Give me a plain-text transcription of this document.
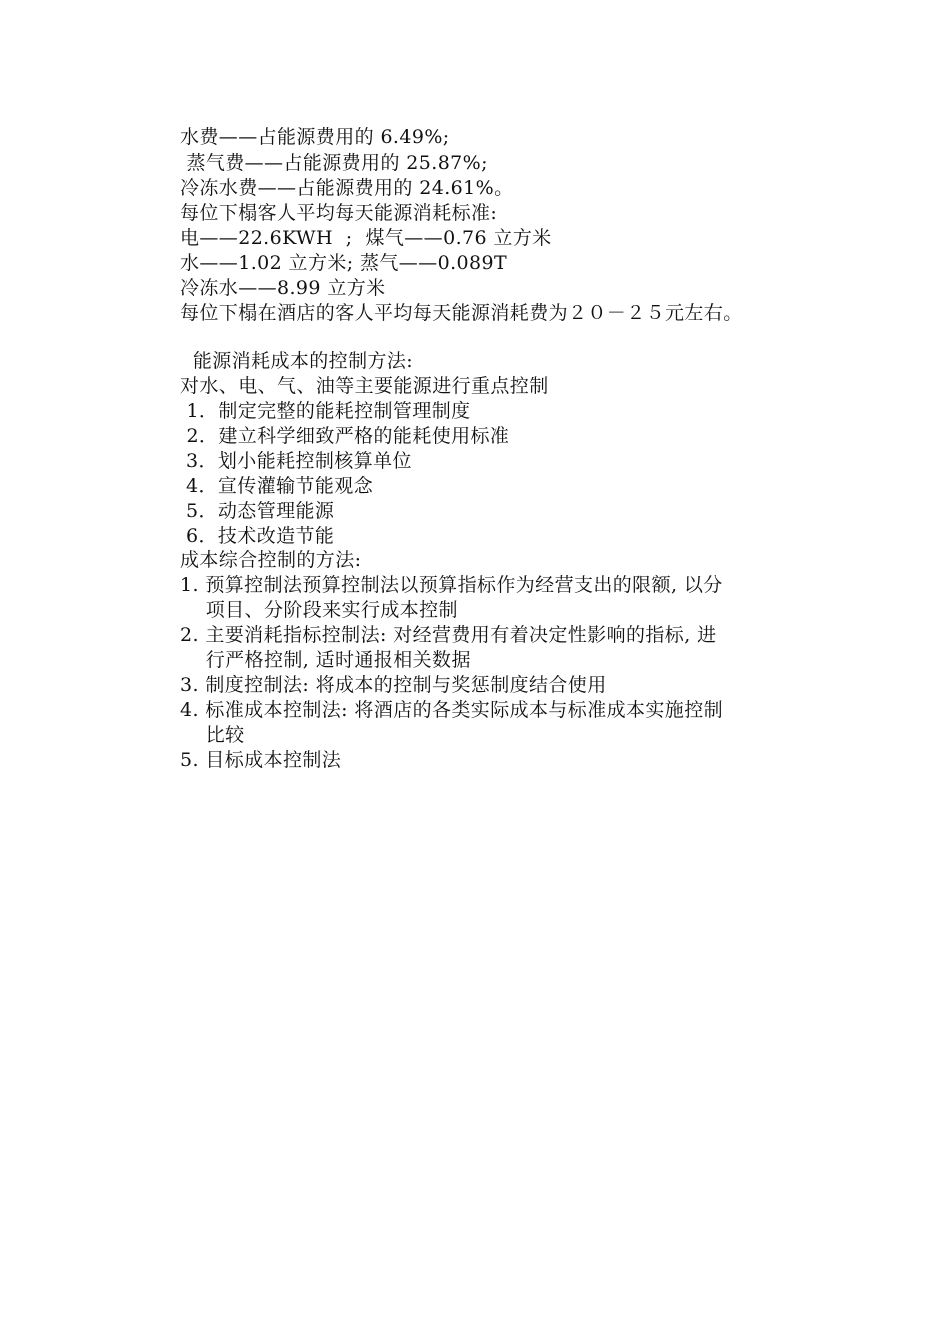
水费——占能源费用的 6.49%;
蒸气费——占能源费用的 25.87%;
冷冻水费——占能源费用的 24.61%。
每位下榻客人平均每天能源消耗标准:
电——22.6KWH  ;  煤气——0.76 立方米
水——1.02 立方米; 蒸气——0.089T
冷冻水——8.99 立方米
每位下榻在酒店的客人平均每天能源消耗费为２０－２５元左右。
能源消耗成本的控制方法:
对水、电、气、油等主要能源进行重点控制
1．制定完整的能耗控制管理制度
2．建立科学细致严格的能耗使用标准
3．划小能耗控制核算单位
4．宣传灌输节能观念
5．动态管理能源
6．技术改造节能
成本综合控制的方法:
1. 预算控制法预算控制法以预算指标作为经营支出的限额, 以分
项目、分阶段来实行成本控制
2. 主要消耗指标控制法: 对经营费用有着决定性影响的指标, 进
行严格控制, 适时通报相关数据
3. 制度控制法: 将成本的控制与奖惩制度结合使用
4. 标准成本控制法: 将酒店的各类实际成本与标准成本实施控制
比较
5. 目标成本控制法
